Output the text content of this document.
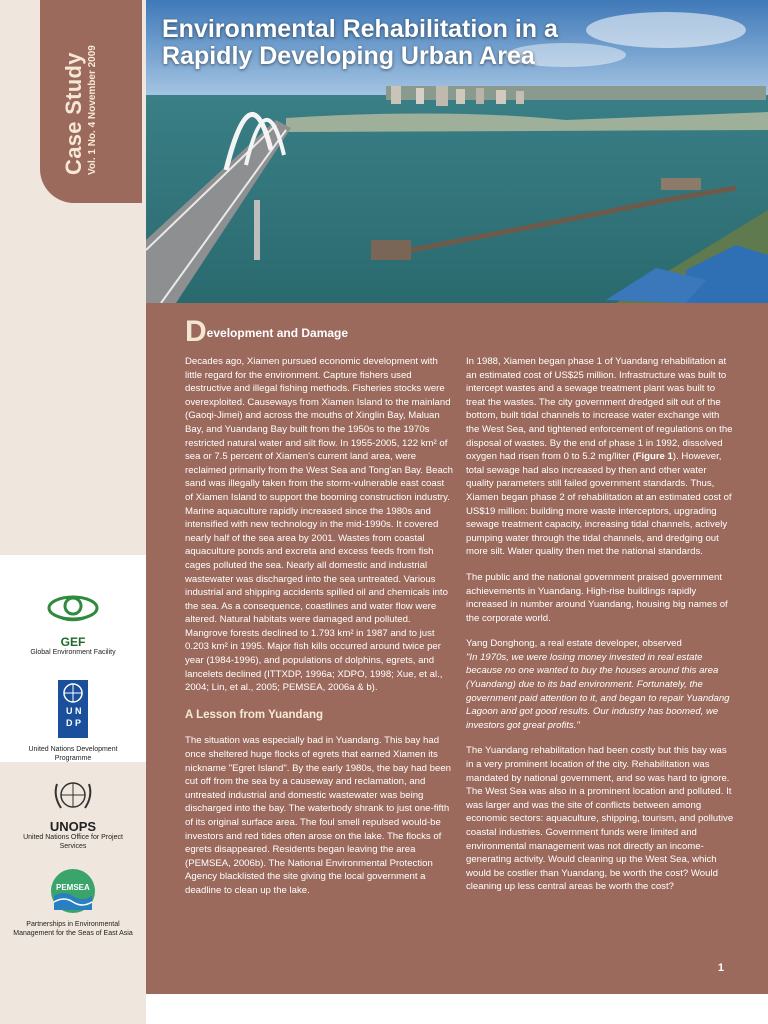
Case Study Vol. 1 No. 4 November 2009
GEF
Global Environment Facility
U N
D P
United Nations Development Programme
UNOPS
United Nations Office for Project Services
PEMSEA
Partnerships in Environmental Management for the Seas of East Asia
Environmental Rehabilitation in a
Rapidly Developing Urban Area
Development and Damage

Decades ago, Xiamen pursued economic development with little regard for the environment. Capture fishers used destructive and illegal fishing methods. Fisheries stocks were overexploited. Causeways from Xiamen Island to the mainland (Gaoqi-Jimei) and across the mouths of Xinglin Bay, Maluan Bay, and Yuandang Bay built from the 1950s to the 1970s restricted natural water and silt flow. In 1955-2005, 122 km² of sea or 7.5 percent of Xiamen's current land area, were reclaimed primarily from the West Sea and Tong'an Bay. Beach sand was illegally taken from the storm-vulnerable east coast of Xiamen Island to support the booming construction industry. Marine aquaculture rapidly increased since the 1980s and intensified with new technology in the mid-1990s. It covered nearly half of the sea area by 2001. Wastes from coastal aquaculture ponds and excreta and excess feeds from fish cages polluted the sea. Nearly all domestic and industrial wastewater was discharged into the sea untreated. Various industrial and shipping accidents spilled oil and chemicals into the sea. As a consequence, coastlines and water flow were altered. Natural habitats were damaged and polluted. Mangrove forests declined to 1.793 km² in 1987 and to just 0.203 km² in 1995. Major fish kills occurred around twice per year (1984-1996), and populations of dolphins, egrets, and lancelets declined (ITTXDP, 1996a; XDPO, 1998; Xue, et al., 2004; Lin, et al., 2005; PEMSEA, 2006a & b).

A Lesson from Yuandang

The situation was especially bad in Yuandang. This bay had once sheltered huge flocks of egrets that earned Xiamen its nickname "Egret Island". By the early 1980s, the bay had been cut off from the sea by a causeway and reclamation, and untreated industrial and domestic wastewater was being discharged into the bay. The waterbody shrank to just one-fifth of its original surface area. The foul smell repulsed would-be investors and red tides often arose on the lake. The flocks of egrets disappeared. Residents began leaving the area (PEMSEA, 2006b). The National Environmental Protection Agency blacklisted the site giving the local government a deadline to clean up the lake.

In 1988, Xiamen began phase 1 of Yuandang rehabilitation at an estimated cost of US$25 million. Infrastructure was built to intercept wastes and a sewage treatment plant was built to treat the wastes. The city government dredged silt out of the bottom, built tidal channels to increase water exchange with the West Sea, and tightened enforcement of regulations on the disposal of wastes. By the end of phase 1 in 1992, dissolved oxygen had risen from 0 to 5.2 mg/liter (Figure 1). However, total sewage had also increased by then and other water quality parameters still failed government standards. Thus, Xiamen began phase 2 of rehabilitation at an estimated cost of US$19 million: building more waste interceptors, upgrading sewage treatment capacity, increasing tidal channels, actively pumping water through the tidal channels, and dredging out more silt. Water quality then met the national standards.

The public and the national government praised government achievements in Yuandang. High-rise buildings rapidly increased in number around Yuandang, housing big names of the corporate world.

Yang Donghong, a real estate developer, observed
"In 1970s, we were losing money invested in real estate because no one wanted to buy the houses around this area (Yuandang) due to its bad environment. Fortunately, the government paid attention to it, and began to repair Yuandang Lagoon and got good results. Our industry has boomed, we investors got great profits."

The Yuandang rehabilitation had been costly but this bay was in a very prominent location of the city. Rehabilitation was mandated by national government, and so was hard to ignore. The West Sea was also in a prominent location and polluted. It was larger and was the site of conflicts between among economic sectors: aquaculture, shipping, tourism, and pollutive coastal industries. Government funds were limited and environmental management was not directly an income-generating activity. Would cleaning up the West Sea, which would be costlier than Yuandang, be worth the cost? Would cleaning up less central areas be worth the cost?

1
